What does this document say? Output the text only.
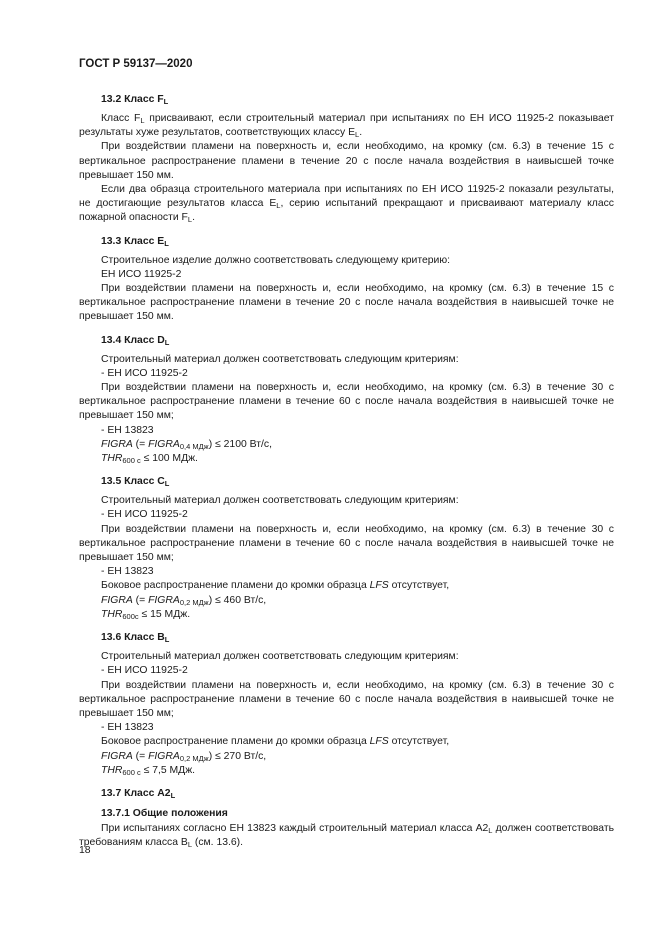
ГОСТ Р 59137—2020
13.2 Класс $F_L$
Класс $F_L$ присваивают, если строительный материал при испытаниях по ЕН ИСО 11925-2 показывает результаты хуже результатов, соответствующих классу $E_L$.
При воздействии пламени на поверхность и, если необходимо, на кромку (см. 6.3) в течение 15 с вертикальное распространение пламени в течение 20 с после начала воздействия в наивысшей точке превышает 150 мм.
Если два образца строительного материала при испытаниях по ЕН ИСО 11925-2 показали результаты, не достигающие результатов класса $E_L$, серию испытаний прекращают и присваивают материалу класс пожарной опасности $F_L$.
13.3 Класс $E_L$
Строительное изделие должно соответствовать следующему критерию:
ЕН ИСО 11925-2
При воздействии пламени на поверхность и, если необходимо, на кромку (см. 6.3) в течение 15 с вертикальное распространение пламени в течение 20 с после начала воздействия в наивысшей точке не превышает 150 мм.
13.4 Класс $D_L$
Строительный материал должен соответствовать следующим критериям:
- ЕН ИСО 11925-2
При воздействии пламени на поверхность и, если необходимо, на кромку (см. 6.3) в течение 30 с вертикальное распространение пламени в течение 60 с после начала воздействия в наивысшей точке не превышает 150 мм;
- ЕН 13823
FIGRA (= $FIGRA_{0,4 МДж}) \le 2100$ Вт/с,
$THR_{600 с} \le 100$ МДж.
13.5 Класс $C_L$
Строительный материал должен соответствовать следующим критериям:
- ЕН ИСО 11925-2
При воздействии пламени на поверхность и, если необходимо, на кромку (см. 6.3) в течение 30 с вертикальное распространение пламени в течение 60 с после начала воздействия в наивысшей точке не превышает 150 мм;
- ЕН 13823
Боковое распространение пламени до кромки образца LFS отсутствует,
FIGRA (= $FIGRA_{0,2 МДж}) \le 460$ Вт/с,
$THR_{600с} \le 15$ МДж.
13.6 Класс $B_L$
Строительный материал должен соответствовать следующим критериям:
- ЕН ИСО 11925-2
При воздействии пламени на поверхность и, если необходимо, на кромку (см. 6.3) в течение 30 с вертикальное распространение пламени в течение 60 с после начала воздействия в наивысшей точке не превышает 150 мм;
- ЕН 13823
Боковое распространение пламени до кромки образца LFS отсутствует,
FIGRA (= $FIGRA_{0,2 МДж}) \le 270$ Вт/с,
$THR_{600 с} \le 7,5$ МДж.
13.7 Класс $A2_L$
13.7.1 Общие положения
При испытаниях согласно ЕН 13823 каждый строительный материал класса $A2_L$ должен соответствовать требованиям класса $B_L$ (см. 13.6).
18
